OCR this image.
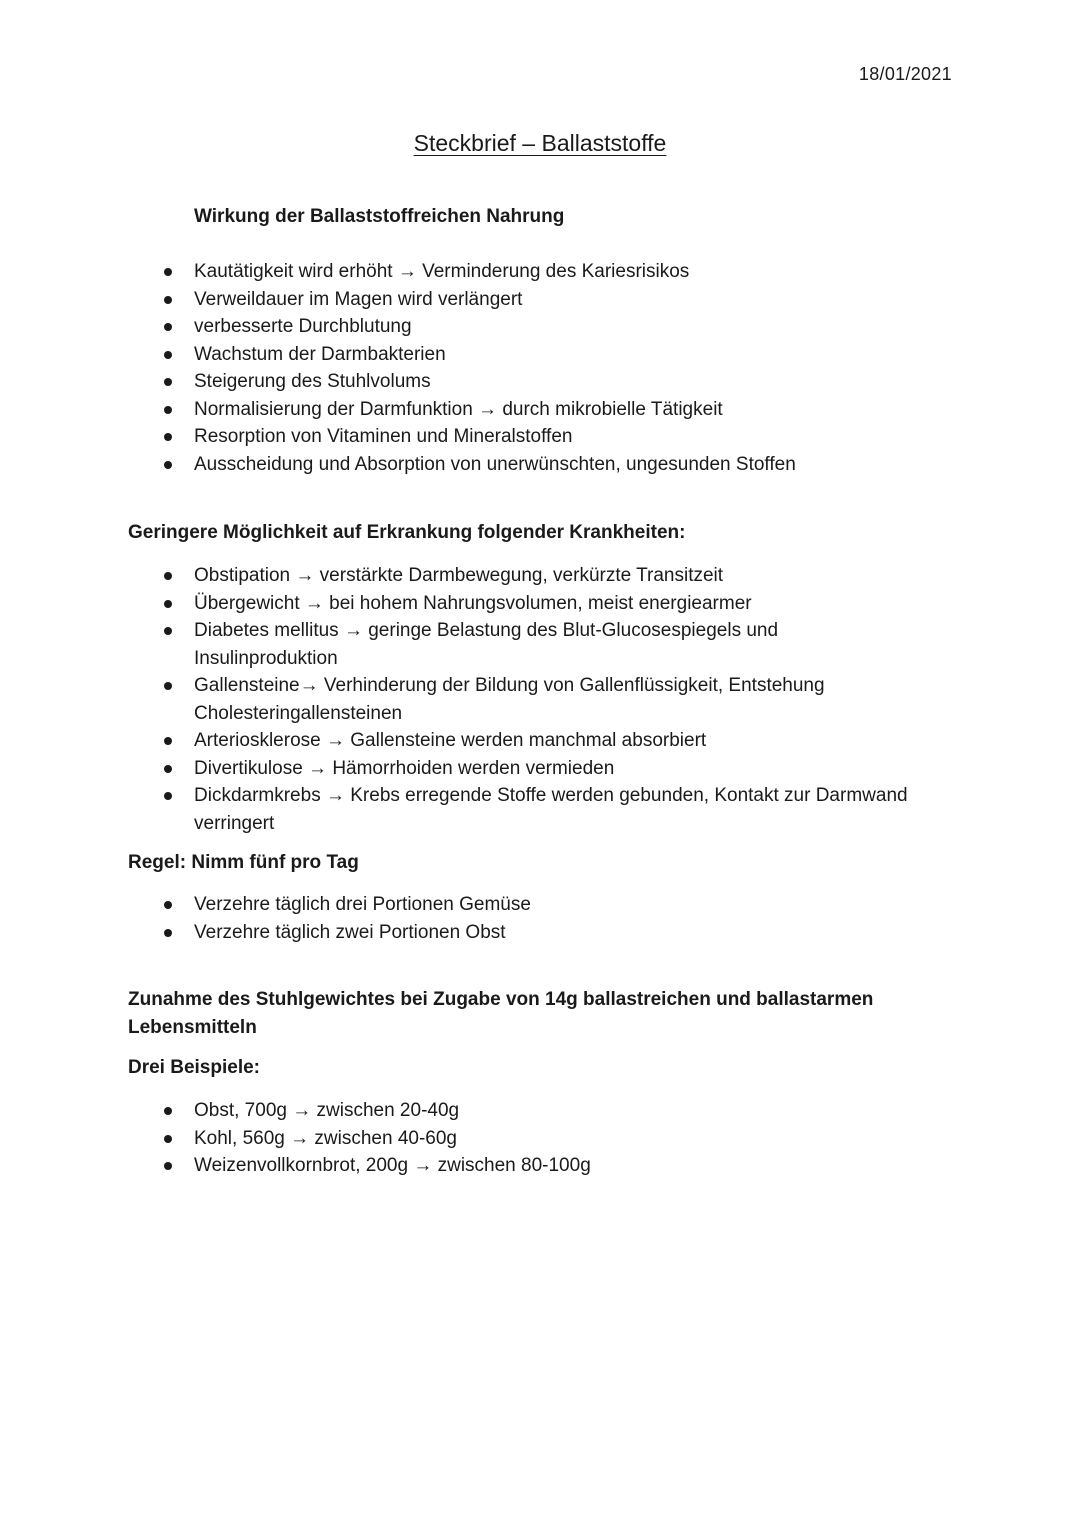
18/01/2021
Steckbrief – Ballaststoffe
Wirkung der Ballaststoffreichen Nahrung
Kautätigkeit wird erhöht → Verminderung des Kariesrisikos
Verweildauer im Magen wird verlängert
verbesserte Durchblutung
Wachstum der Darmbakterien
Steigerung des Stuhlvolums
Normalisierung der Darmfunktion → durch mikrobielle Tätigkeit
Resorption von Vitaminen und Mineralstoffen
Ausscheidung und Absorption von unerwünschten, ungesunden Stoffen
Geringere Möglichkeit auf Erkrankung folgender Krankheiten:
Obstipation → verstärkte Darmbewegung, verkürzte Transitzeit
Übergewicht → bei hohem Nahrungsvolumen, meist energiearmer
Diabetes mellitus → geringe Belastung des Blut-Glucosespiegels und Insulinproduktion
Gallensteine→ Verhinderung der Bildung von Gallenflüssigkeit, Entstehung Cholesteringallensteinen
Arteriosklerose → Gallensteine werden manchmal absorbiert
Divertikulose → Hämorrhoiden werden vermieden
Dickdarmkrebs → Krebs erregende Stoffe werden gebunden, Kontakt zur Darmwand verringert
Regel: Nimm fünf pro Tag
Verzehre täglich drei Portionen Gemüse
Verzehre täglich zwei Portionen Obst
Zunahme des Stuhlgewichtes bei Zugabe von 14g ballastreichen und ballastarmen Lebensmitteln
Drei Beispiele:
Obst, 700g → zwischen 20-40g
Kohl, 560g → zwischen 40-60g
Weizenvollkornbrot, 200g → zwischen 80-100g
